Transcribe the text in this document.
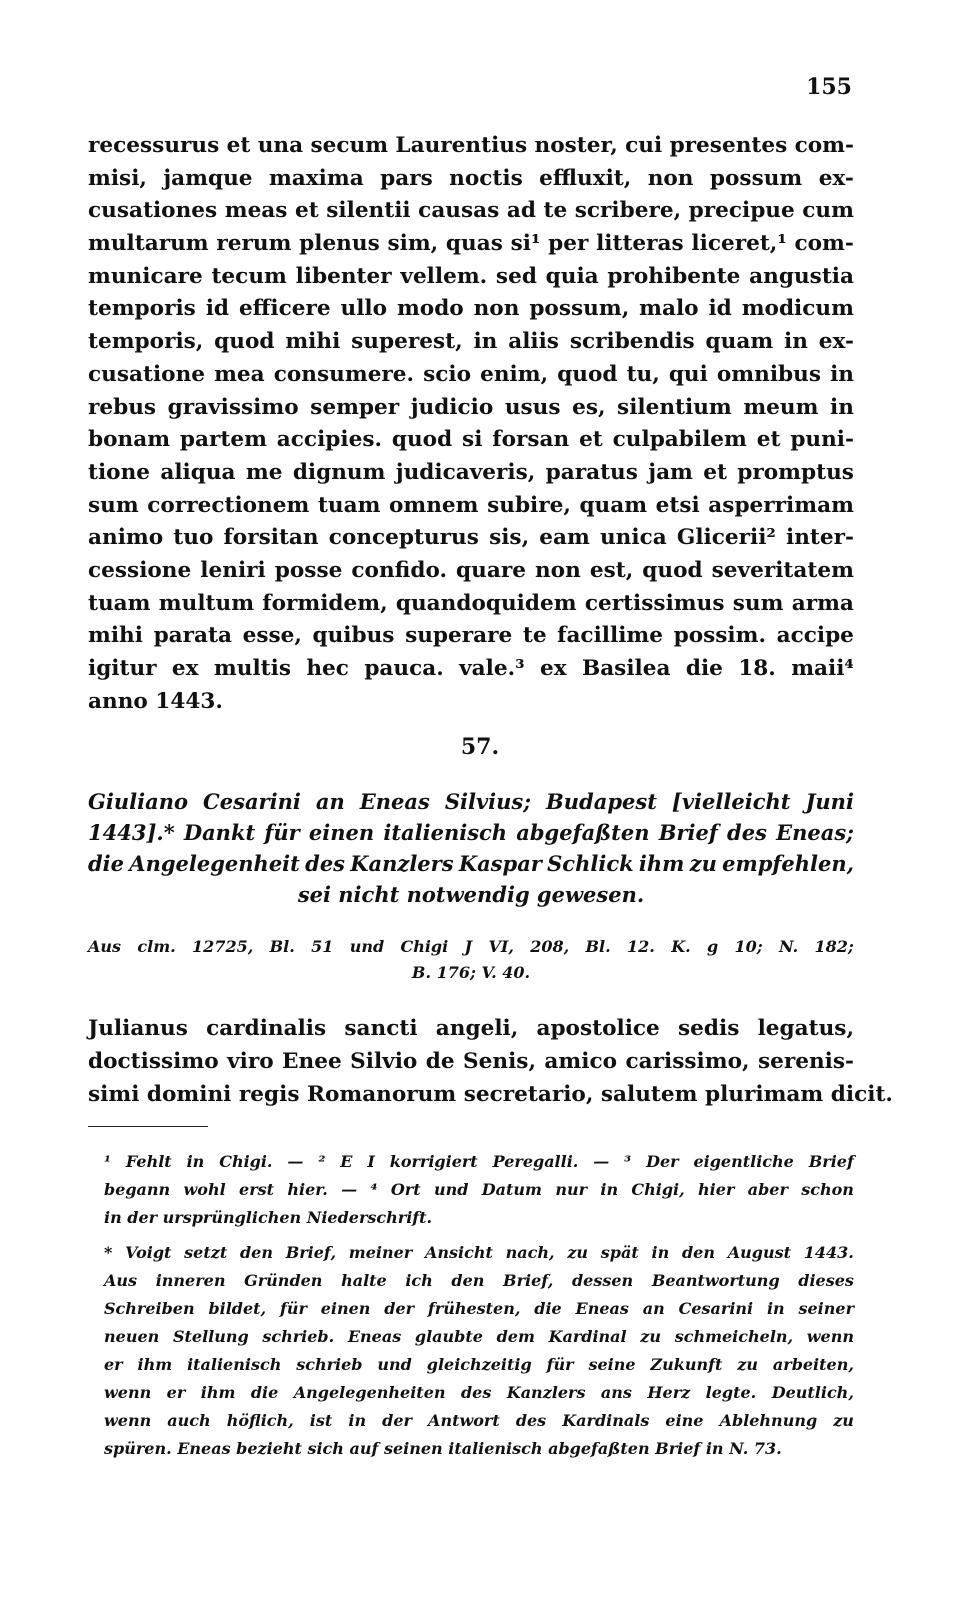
155
recessurus et una secum Laurentius noster, cui presentes com-
misi, jamque maxima pars noctis effluxit, non possum ex-
cusationes meas et silentii causas ad te scribere, precipue cum
multarum rerum plenus sim, quas si¹ per litteras liceret,¹ com-
municare tecum libenter vellem. sed quia prohibente angustia
temporis id efficere ullo modo non possum, malo id modicum
temporis, quod mihi superest, in aliis scribendis quam in ex-
cusatione mea consumere. scio enim, quod tu, qui omnibus in
rebus gravissimo semper judicio usus es, silentium meum in
bonam partem accipies. quod si forsan et culpabilem et puni-
tione aliqua me dignum judicaveris, paratus jam et promptus
sum correctionem tuam omnem subire, quam etsi asperrimam
animo tuo forsitan concepturus sis, eam unica Glicerii² inter-
cessione leniri posse confido. quare non est, quod severitatem
tuam multum formidem, quandoquidem certissimus sum arma
mihi parata esse, quibus superare te facillime possim. accipe
igitur ex multis hec pauca. vale.³ ex Basilea die 18. maii⁴
anno 1443.
57.
Giuliano Cesarini an Eneas Silvius; Budapest [vielleicht Juni
1443].* Dankt für einen italienisch abgefaßten Brief des Eneas;
die Angelegenheit des Kanzlers Kaspar Schlick ihm zu empfehlen,
sei nicht notwendig gewesen.
Aus clm. 12725, Bl. 51 und Chigi J VI, 208, Bl. 12. K. g 10; N. 182;
B. 176; V. 40.
Julianus cardinalis sancti angeli, apostolice sedis legatus,
doctissimo viro Enee Silvio de Senis, amico carissimo, serenis-
simi domini regis Romanorum secretario, salutem plurimam dicit.
¹ Fehlt in Chigi. — ² E I korrigiert Peregalli. — ³ Der eigentliche Brief
begann wohl erst hier. — ⁴ Ort und Datum nur in Chigi, hier aber schon
in der ursprünglichen Niederschrift.
* Voigt setzt den Brief, meiner Ansicht nach, zu spät in den August 1443.
Aus inneren Gründen halte ich den Brief, dessen Beantwortung dieses
Schreiben bildet, für einen der frühesten, die Eneas an Cesarini in seiner
neuen Stellung schrieb. Eneas glaubte dem Kardinal zu schmeicheln, wenn
er ihm italienisch schrieb und gleichzeitig für seine Zukunft zu arbeiten,
wenn er ihm die Angelegenheiten des Kanzlers ans Herz legte. Deutlich,
wenn auch höflich, ist in der Antwort des Kardinals eine Ablehnung zu
spüren. Eneas bezieht sich auf seinen italienisch abgefaßten Brief in N. 73.
